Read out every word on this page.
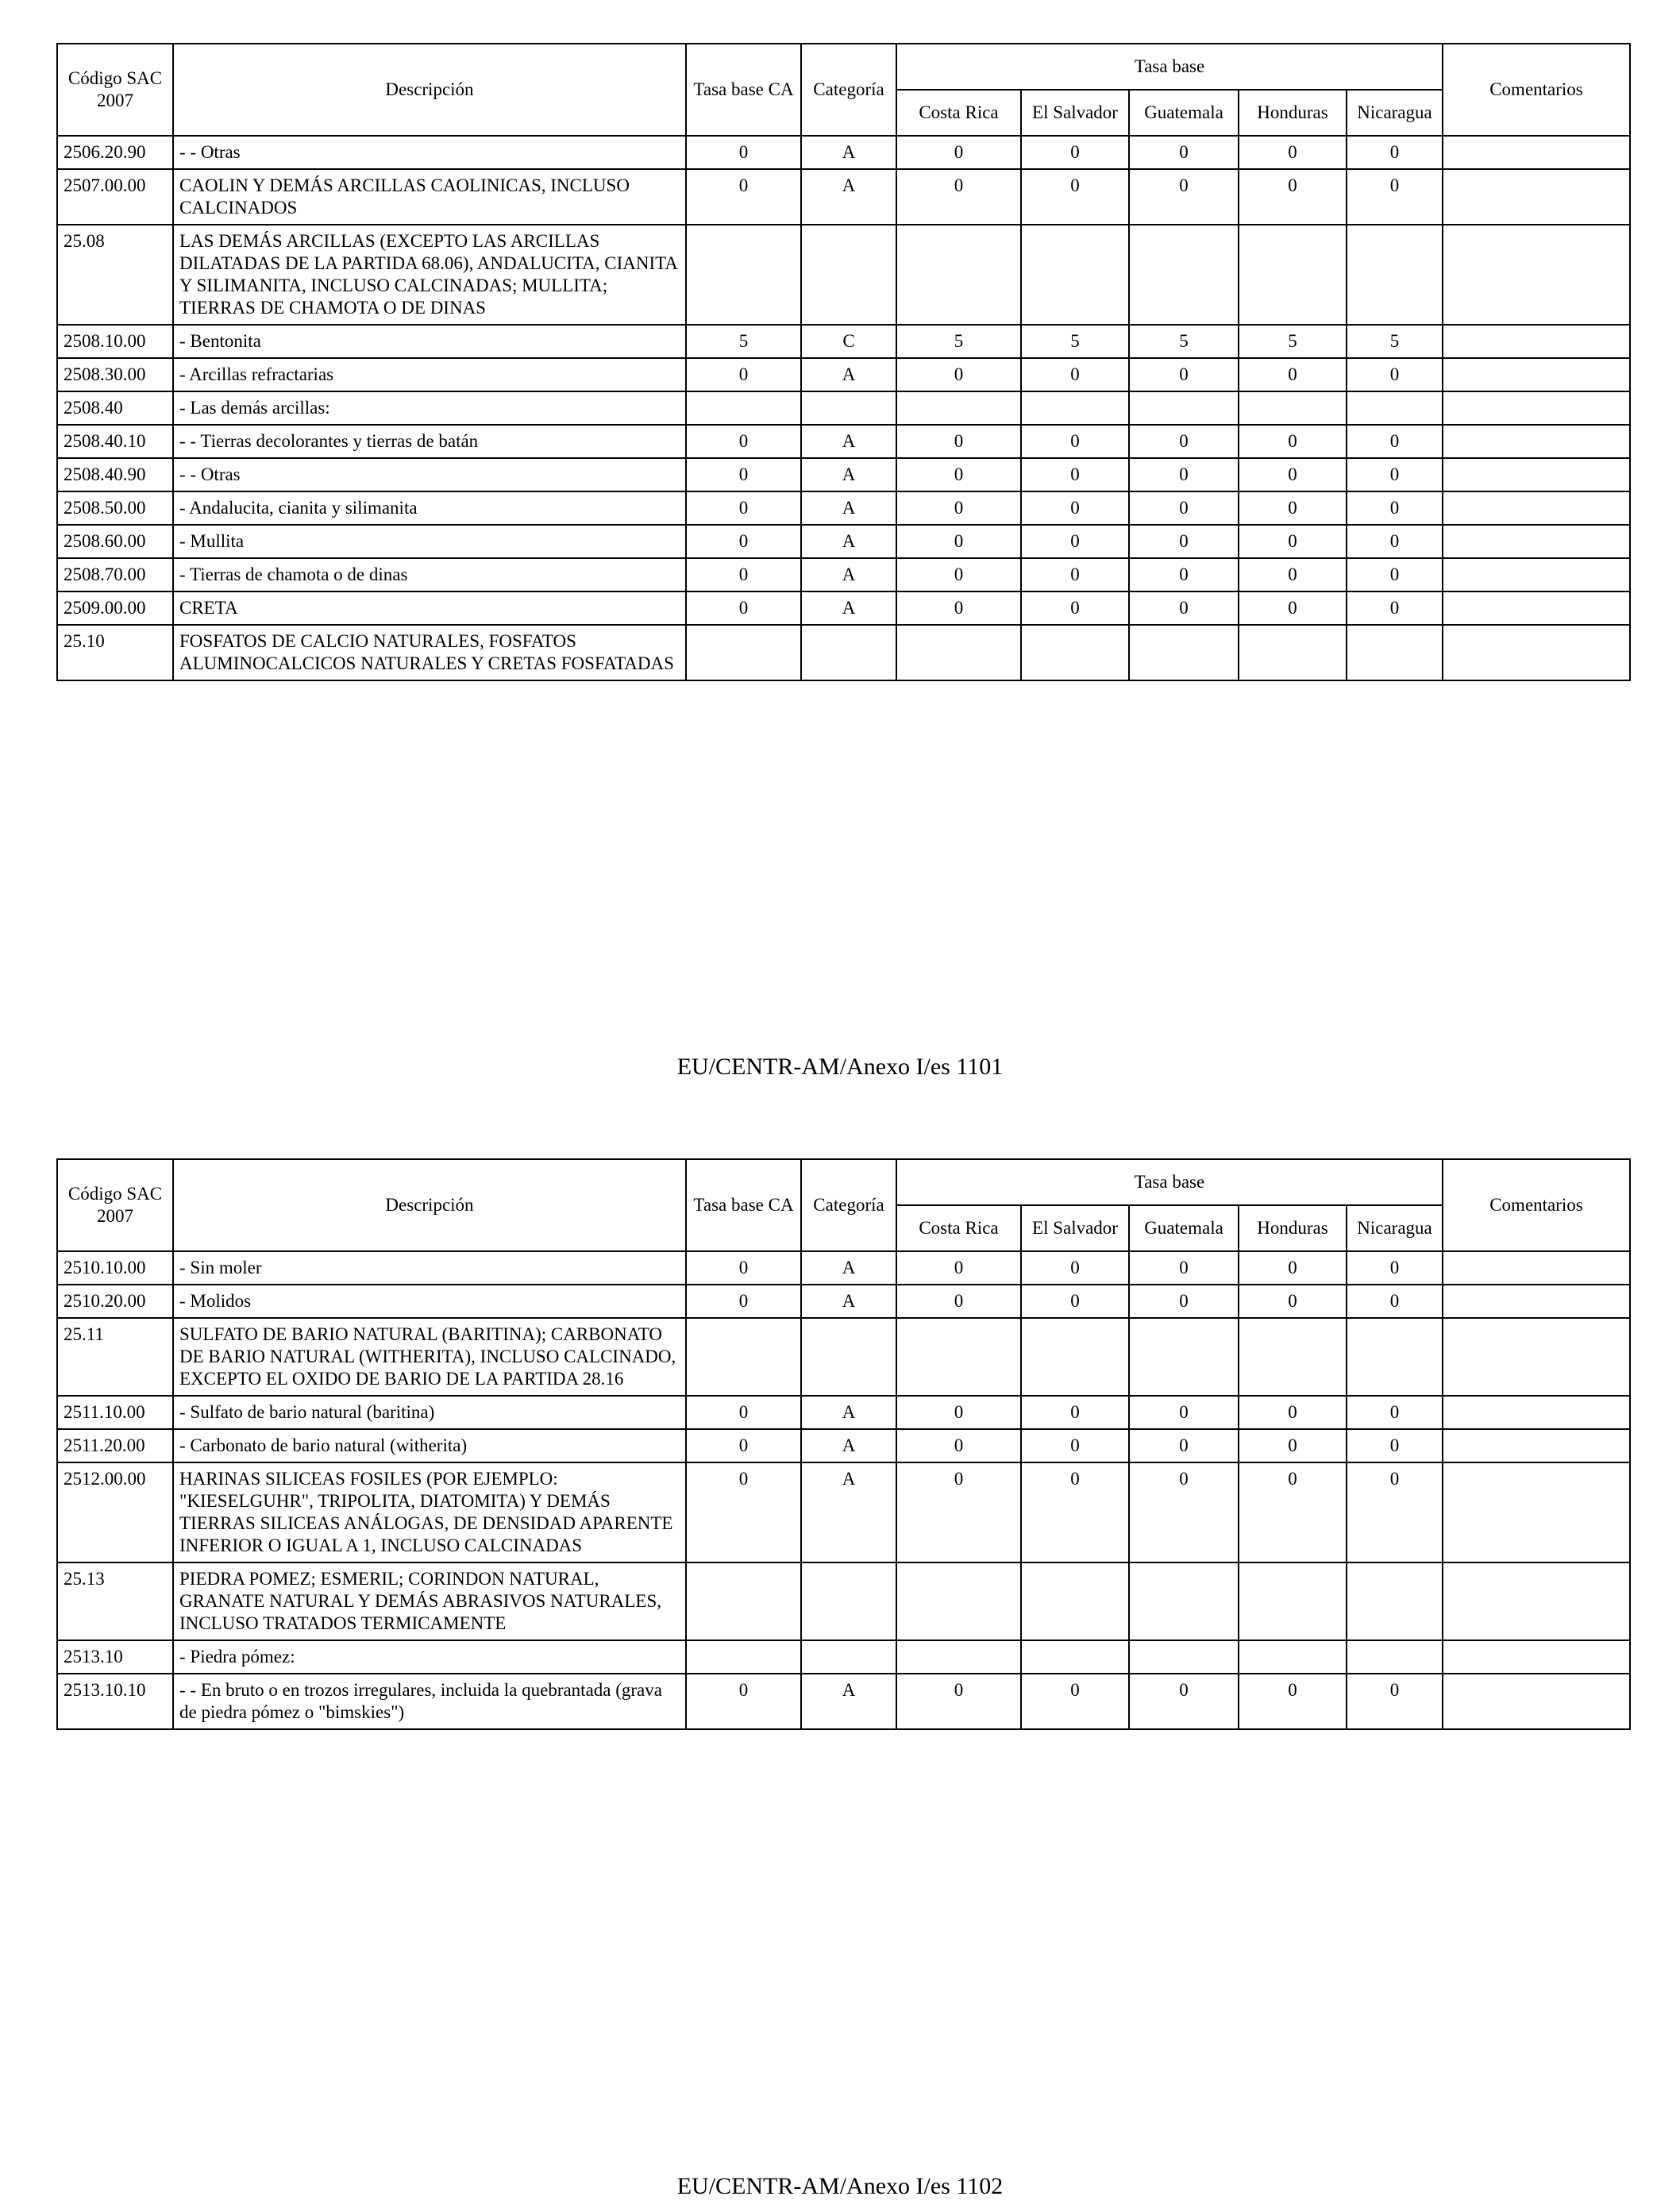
Código SAC 2007	Descripción	Tasa base CA	Categoría	Tasa base					Comentarios
				Costa Rica	El Salvador	Guatemala	Honduras	Nicaragua	
2506.20.90	- - Otras	0	A	0	0	0	0	0	
2507.00.00	CAOLIN Y DEMÁS ARCILLAS CAOLINICAS, INCLUSO CALCINADOS	0	A	0	0	0	0	0	
25.08	LAS DEMÁS ARCILLAS (EXCEPTO LAS ARCILLAS DILATADAS DE LA PARTIDA 68.06), ANDALUCITA, CIANITA Y SILIMANITA, INCLUSO CALCINADAS; MULLITA; TIERRAS DE CHAMOTA O DE DINAS								
2508.10.00	- Bentonita	5	C	5	5	5	5	5	
2508.30.00	- Arcillas refractarias	0	A	0	0	0	0	0	
2508.40	- Las demás arcillas:								
2508.40.10	- - Tierras decolorantes y tierras de batán	0	A	0	0	0	0	0	
2508.40.90	- - Otras	0	A	0	0	0	0	0	
2508.50.00	- Andalucita, cianita y silimanita	0	A	0	0	0	0	0	
2508.60.00	- Mullita	0	A	0	0	0	0	0	
2508.70.00	- Tierras de chamota o de dinas	0	A	0	0	0	0	0	
2509.00.00	CRETA	0	A	0	0	0	0	0	
25.10	FOSFATOS DE CALCIO NATURALES, FOSFATOS ALUMINOCALCICOS NATURALES Y CRETAS FOSFATADAS								
EU/CENTR-AM/Anexo I/es 1101
Código SAC 2007	Descripción	Tasa base CA	Categoría	Tasa base					Comentarios
				Costa Rica	El Salvador	Guatemala	Honduras	Nicaragua	
2510.10.00	- Sin moler	0	A	0	0	0	0	0	
2510.20.00	- Molidos	0	A	0	0	0	0	0	
25.11	SULFATO DE BARIO NATURAL (BARITINA); CARBONATO DE BARIO NATURAL (WITHERITA), INCLUSO CALCINADO, EXCEPTO EL OXIDO DE BARIO DE LA PARTIDA 28.16								
2511.10.00	- Sulfato de bario natural (baritina)	0	A	0	0	0	0	0	
2511.20.00	- Carbonato de bario natural (witherita)	0	A	0	0	0	0	0	
2512.00.00	HARINAS SILICEAS FOSILES (POR EJEMPLO: "KIESELGUHR", TRIPOLITA, DIATOMITA) Y DEMÁS TIERRAS SILICEAS ANÁLOGAS, DE DENSIDAD APARENTE INFERIOR O IGUAL A 1, INCLUSO CALCINADAS	0	A	0	0	0	0	0	
25.13	PIEDRA POMEZ; ESMERIL; CORINDON NATURAL, GRANATE NATURAL Y DEMÁS ABRASIVOS NATURALES, INCLUSO TRATADOS TERMICAMENTE								
2513.10	- Piedra pómez:								
2513.10.10	- - En bruto o en trozos irregulares, incluida la quebrantada (grava de piedra pómez o "bimskies")	0	A	0	0	0	0	0	
EU/CENTR-AM/Anexo I/es 1102
